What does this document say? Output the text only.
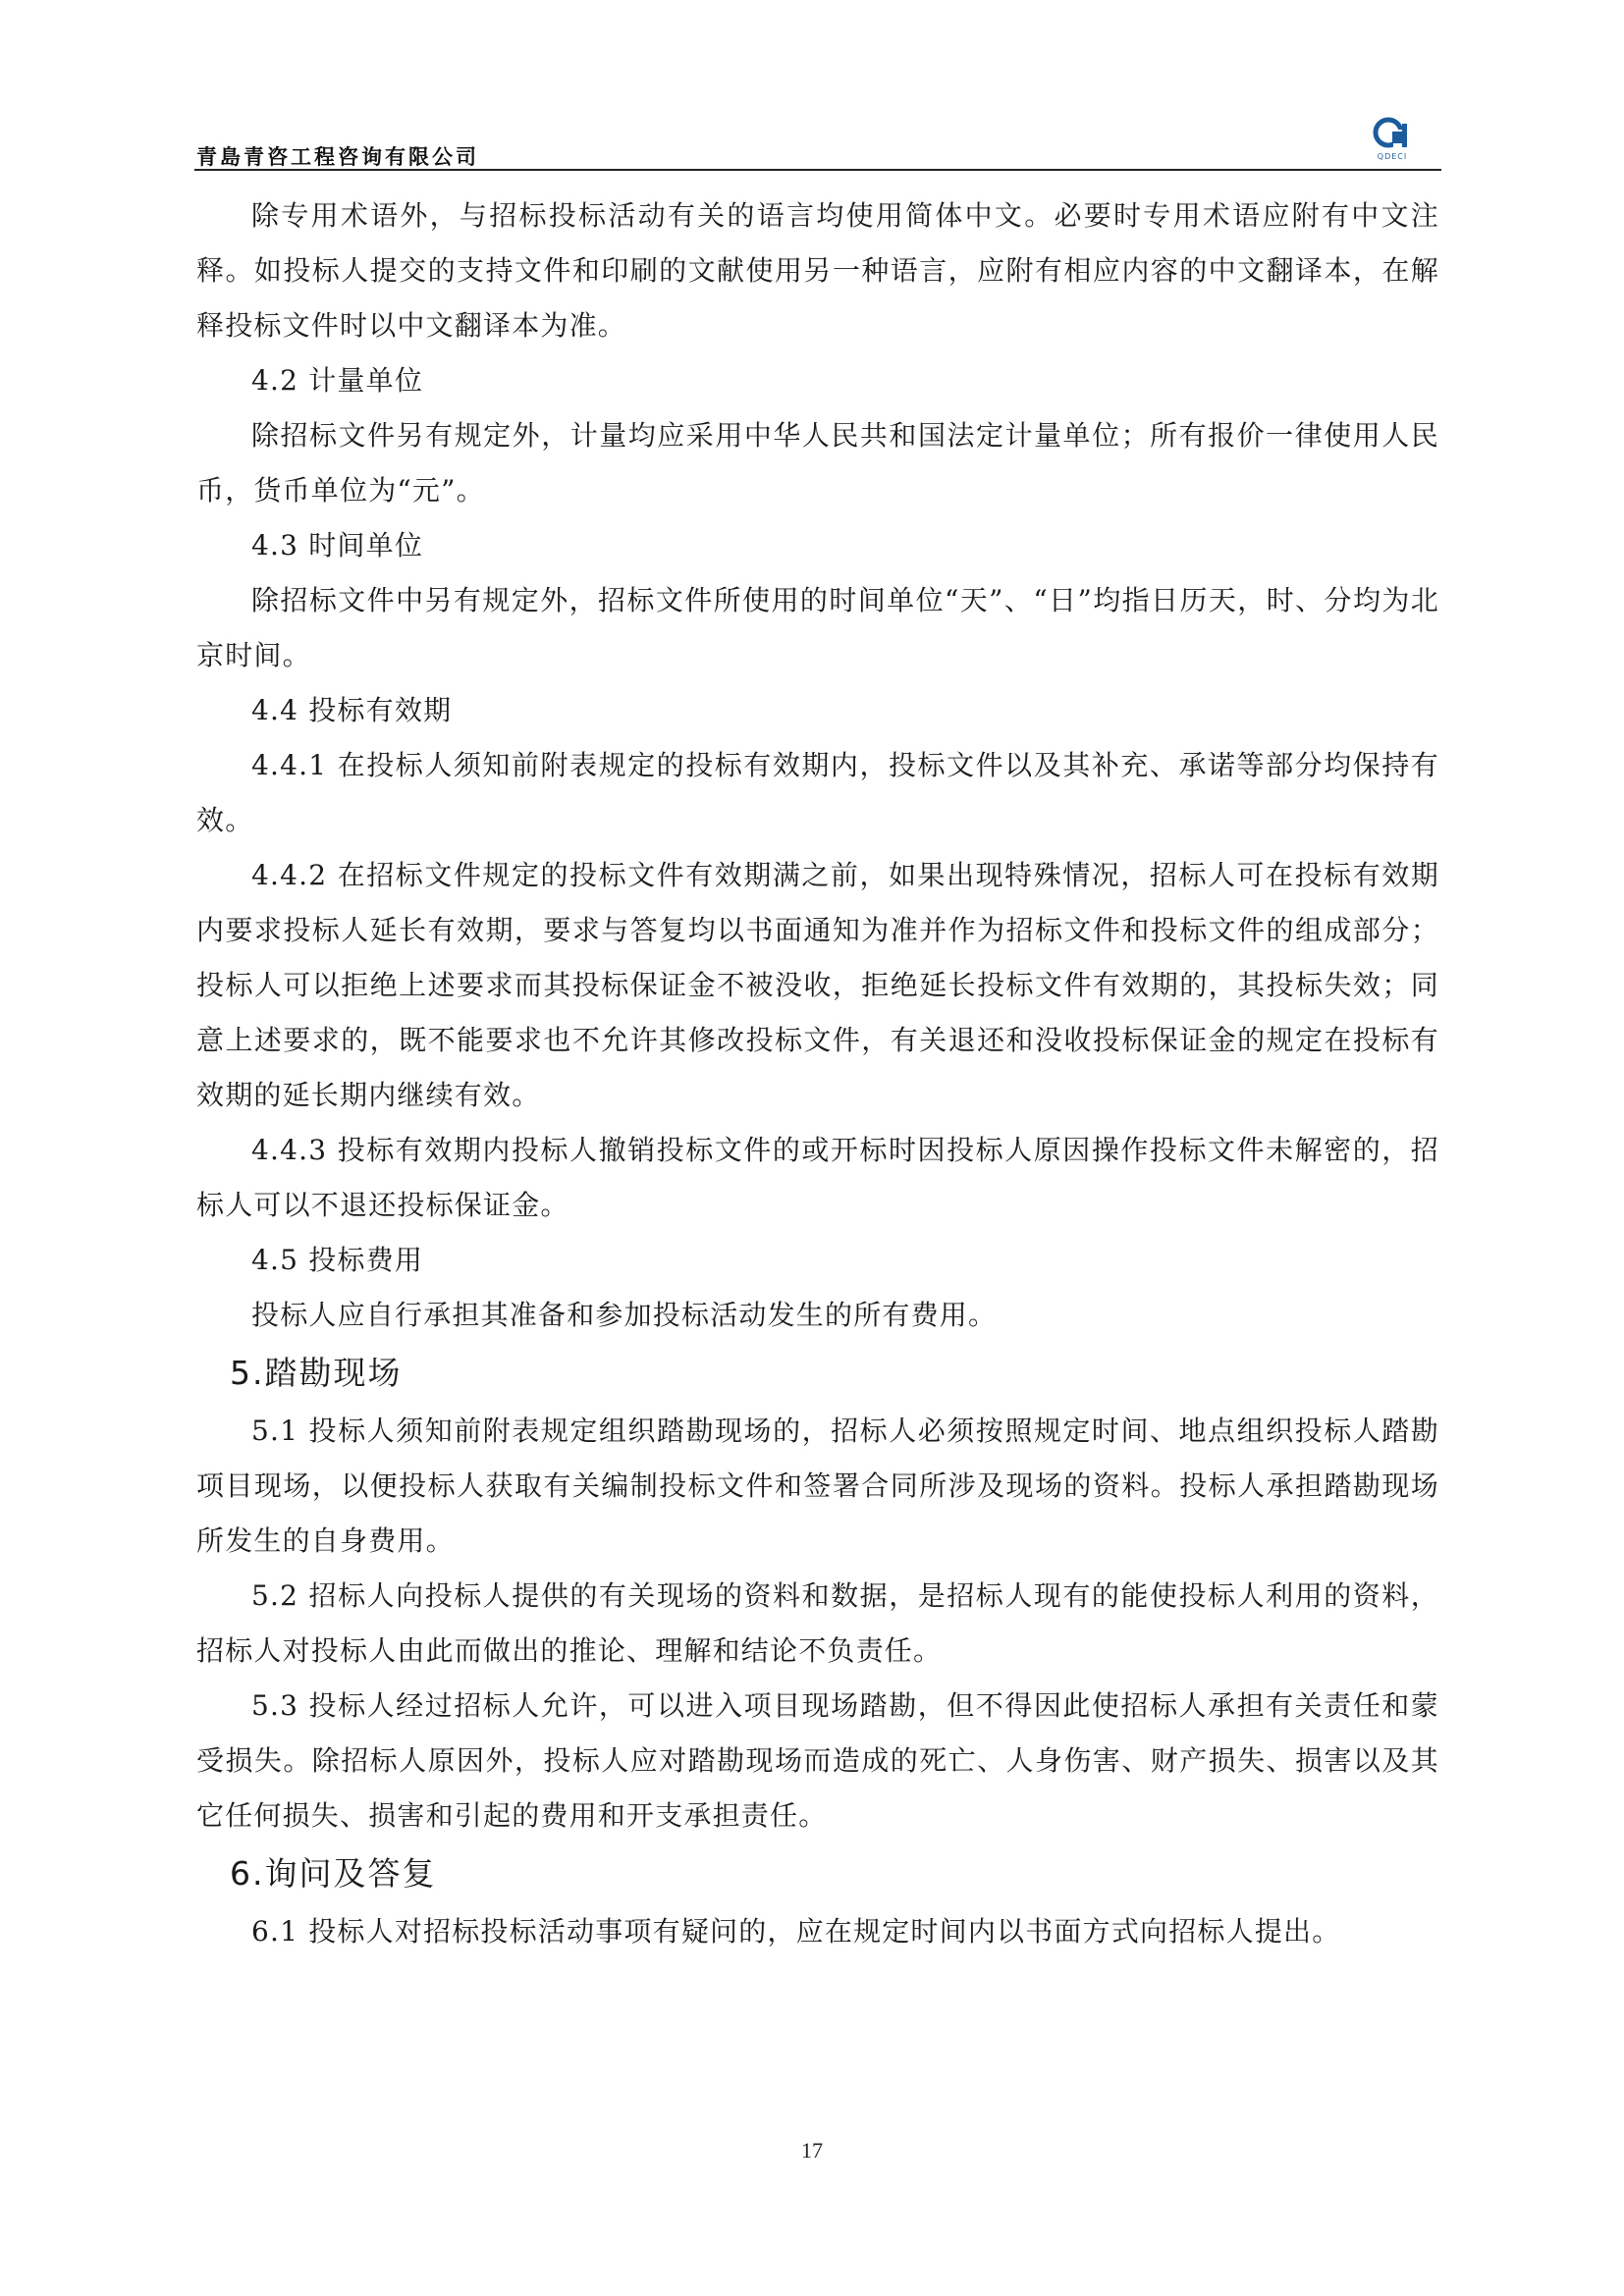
青島青咨工程咨询有限公司	QDECI
除专用术语外，与招标投标活动有关的语言均使用简体中文。必要时专用术语应附有中文注释。如投标人提交的支持文件和印刷的文献使用另一种语言，应附有相应内容的中文翻译本，在解释投标文件时以中文翻译本为准。
4.2 计量单位
除招标文件另有规定外，计量均应采用中华人民共和国法定计量单位；所有报价一律使用人民币，货币单位为“元”。
4.3 时间单位
除招标文件中另有规定外，招标文件所使用的时间单位“天”、“日”均指日历天，时、分均为北京时间。
4.4 投标有效期
4.4.1 在投标人须知前附表规定的投标有效期内，投标文件以及其补充、承诺等部分均保持有效。
4.4.2 在招标文件规定的投标文件有效期满之前，如果出现特殊情况，招标人可在投标有效期内要求投标人延长有效期，要求与答复均以书面通知为准并作为招标文件和投标文件的组成部分；投标人可以拒绝上述要求而其投标保证金不被没收，拒绝延长投标文件有效期的，其投标失效；同意上述要求的，既不能要求也不允许其修改投标文件，有关退还和没收投标保证金的规定在投标有效期的延长期内继续有效。
4.4.3 投标有效期内投标人撤销投标文件的或开标时因投标人原因操作投标文件未解密的，招标人可以不退还投标保证金。
4.5 投标费用
投标人应自行承担其准备和参加投标活动发生的所有费用。
5.踏勘现场
5.1 投标人须知前附表规定组织踏勘现场的，招标人必须按照规定时间、地点组织投标人踏勘项目现场，以便投标人获取有关编制投标文件和签署合同所涉及现场的资料。投标人承担踏勘现场所发生的自身费用。
5.2 招标人向投标人提供的有关现场的资料和数据，是招标人现有的能使投标人利用的资料，招标人对投标人由此而做出的推论、理解和结论不负责任。
5.3 投标人经过招标人允许，可以进入项目现场踏勘，但不得因此使招标人承担有关责任和蒙受损失。除招标人原因外，投标人应对踏勘现场而造成的死亡、人身伤害、财产损失、损害以及其它任何损失、损害和引起的费用和开支承担责任。
6.询问及答复
6.1 投标人对招标投标活动事项有疑问的，应在规定时间内以书面方式向招标人提出。
17
